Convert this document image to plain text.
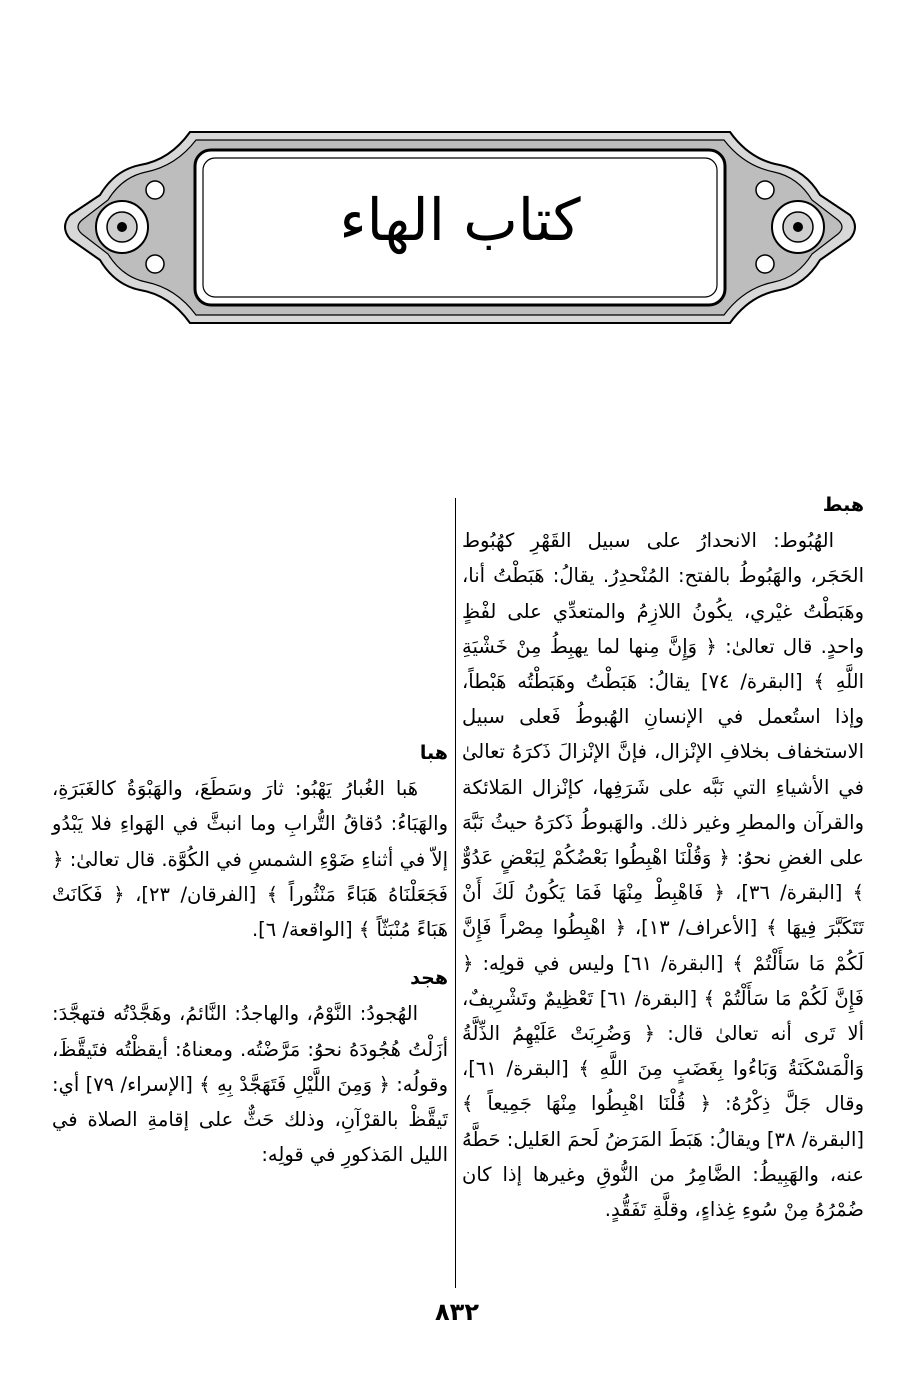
كتاب الهاء

هبط

الهُبُوط: الانحدارُ على سبيل القَهْرِ كهُبُوط الحَجَر، والهَبُوطُ بالفتح: المُنْحدِرُ. يقالُ: هَبَطْتُ أنا، وهَبَطْتُ غيْري، يكُونُ اللازِمُ والمتعدِّي على لفْظٍ واحدٍ. قال تعالىٰ: ﴿ وَإِنَّ مِنها لما يهبِطُ مِنْ خَشْيَةِ اللَّهِ ﴾ [البقرة/ ٧٤] يقالُ: هَبَطْتُ وهَبَطْتُه هَبْطاً، وإذا استُعمل في الإنسانِ الهُبوطُ فَعلى سبيل الاستخفاف بخلافِ الإنْزال، فإنَّ الإنْزالَ ذَكرَهُ تعالىٰ في الأشياءِ التي نَبَّه على شَرَفِها، كإنْزال المَلائكة والقرآن والمطرِ وغير ذلك. والهَبوطُ ذَكرَهُ حيثُ نَبَّهَ على الغضِ نحوُ: ﴿ وَقُلْنَا اهْبِطُوا بَعْضُكُمْ لِبَعْضٍ عَدُوٌّ ﴾ [البقرة/ ٣٦]، ﴿ فَاهْبِطْ مِنْهَا فَمَا يَكُونُ لَكَ أَنْ تَتَكَبَّرَ فِيهَا ﴾ [الأعراف/ ١٣]، ﴿ اهْبِطُوا مِصْراً فَإِنَّ لَكُمْ مَا سَأَلْتُمْ ﴾ [البقرة/ ٦١] وليس في قولِه: ﴿ فَإِنَّ لَكُمْ مَا سَأَلْتُمْ ﴾ [البقرة/ ٦١] تَعْظِيمٌ وتَشْرِيفٌ، ألا تَرى أنه تعالىٰ قال: ﴿ وَضُرِبَتْ عَلَيْهِمُ الذِّلَّةُ وَالْمَسْكَنَةُ وَبَاءُوا بِغَضَبٍ مِنَ اللَّهِ ﴾ [البقرة/ ٦١]، وقال جَلَّ ذِكْرُهُ: ﴿ قُلْنَا اهْبِطُوا مِنْهَا جَمِيعاً ﴾ [البقرة/ ٣٨] ويقالُ: هَبَطَ المَرَضُ لَحمَ العَليل: حَطَّهُ عنه، والهَبِيطُ: الضَّامِرُ من النُّوقِ وغيرها إذا كان ضُمْرُهُ مِنْ سُوءِ غِذاءٍ، وقلَّةِ تَفَقُّدٍ.

هبا

هَبا الغُبارُ يَهْبُو: ثارَ وسَطَعَ، والهَبْوَةُ كالغَبَرَةِ، والهَبَاءُ: دُقاقُ التُّرابِ وما انبثَّ في الهَواءِ فلا يَبْدُو إلاّ في أثناءِ ضَوْءِ الشمسِ في الكُوَّة. قال تعالىٰ: ﴿ فَجَعَلْنَاهُ هَبَاءً مَنْثُوراً ﴾ [الفرقان/ ٢٣]، ﴿ فَكَانَتْ هَبَاءً مُنْبَثّاً ﴾ [الواقعة/ ٦].

هجد

الهُجودُ: النَّوْمُ، والهاجدُ: النَّائمُ، وهَجَّدْتُه فتهجَّدَ: أزَلْتُ هُجُودَهُ نحوُ: مَرَّضْتُه. ومعناهُ: أيقظْتُه فتَيقَّظَ، وقولُه: ﴿ وَمِنَ اللَّيْلِ فَتَهَجَّدْ بِهِ ﴾ [الإسراء/ ٧٩] أي: تَيقَّظْ بالقرْآنِ، وذلك حَثٌّ على إقامةِ الصلاة في الليل المَذكورِ في قولِه:

٨٣٢
